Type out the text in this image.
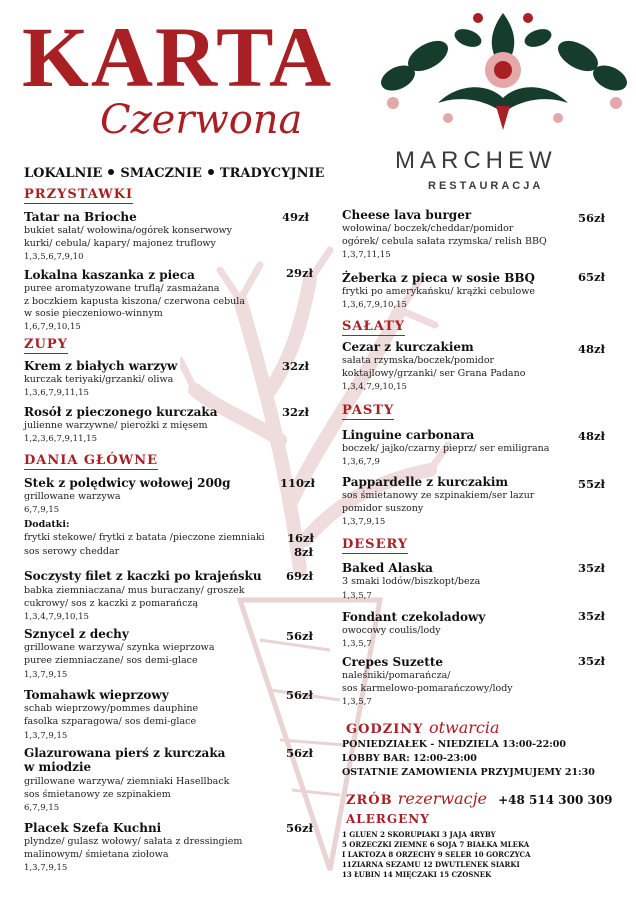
KARTA
Czerwona
LOKALNIE SMACZNIE TRADYCYJNIE	MARCHEW
RESTAURACJA
PRZYSTAWKI
Tatar na Brioche	49zł
bukiet sałat/ wołowina/ogórek konserwowy
kurki/ cebula/ kapary/ majonez truflowy
1,3,5,6,7,9,10
Lokalna kaszanka z pieca	29zł
puree aromatyzowane truflą/ zasmażana
z boczkiem kapusta kiszona/ czerwona cebula
w sosie pieczeniowo-winnym
1,6,7,9,10,15
ZUPY
Krem z białych warzyw	32zł
kurczak teriyaki/grzanki/ oliwa
1,3,6,7,9,11,15
Rosół z pieczonego kurczaka	32zł
julienne warzywne/ pierożki z mięsem
1,2,3,6,7,9,11,15
DANIA GŁÓWNE
Stek z polędwicy wołowej 200g	110zł
grillowane warzywa
6,7,9,15
Dodatki:
frytki stekowe/ frytki z batata /pieczone ziemniaki 16zł
sos serowy cheddar	8zł
Soczysty filet z kaczki po krajeńsku 69zł
babka ziemniaczana/ mus buraczany/ groszek
cukrowy/ sos z kaczki z pomarańczą
1,3,4,7,9,10,15
Sznycel z dechy	56zł
grillowane warzywa/ szynka wieprzowa
puree ziemniaczane/ sos demi-glace
1,3,7,9,15
Tomahawk wieprzowy	56zł
schab wieprzowy/pommes dauphine
fasolka szparagowa/ sos demi-glace
1,3,7,9,15
Glazurowana pierś z kurczaka
w miodzie
56zł
grillowane warzywa/ ziemniaki Hasellback
sos śmietanowy ze szpinakiem
6,7,9,15
Placek Szefa Kuchni	56zł
plyndze/ gulasz wołowy/ sałata z dressingiem
malinowym/ śmietana ziołowa
1,3,7,9,15
Cheese lava burger	56zł
wołowina/ boczek/cheddar/pomidor
ogórek/ cebula sałata rzymska/ relish BBQ
1,3,7,11,15
Żeberka z pieca w sosie BBQ	65zł
frytki po amerykańsku/ krążki cebulowe
1,3,6,7,9,10,15
SAŁATY
Cezar z kurczakiem	48zł
sałata rzymska/boczek/pomidor
koktajlowy/grzanki/ ser Grana Padano
1,3,4,7,9,10,15
PASTY
Linguine carbonara	48zł
boczek/ jajko/czarny pieprz/ ser emiligrana
1,3,6,7,9
Pappardelle z kurczakim	55zł
sos śmietanowy ze szpinakiem/ser lazur
pomidor suszony
1,3,7,9,15
DESERY
Baked Alaska	35zł
3 smaki lodów/biszkopt/beza
1,3,5,7
Fondant czekoladowy	35zł
owocowy coulis/lody
1,3,5,7
Crepes Suzette	35zł
naleśniki/pomarańcza/
sos karmelowo-pomarańczowy/lody
1,3,5,7
GODZINY otwarcia
PONIEDZIAŁEK - NIEDZIELA 13:00-22:00
LOBBY BAR: 12:00-23:00
OSTATNIE ZAMOWIENIA PRZYJMUJEMY 21:30
ZRÓB rezerwacje +48 514 300 309
ALERGENY
1 GLUEN 2 SKORUPIAKI 3 JAJA 4RYBY
5 ORZECZKI ZIEMNE 6 SOJA 7 BIAŁKA MLEKA
I LAKTOZA 8 ORZECHY 9 SELER 10 GORCZYCA
11ZIARNA SEZAMU 12 DWUTLENEK SIARKI
13 ŁUBIN 14 MIĘCZAKI 15 CZOSNEK
